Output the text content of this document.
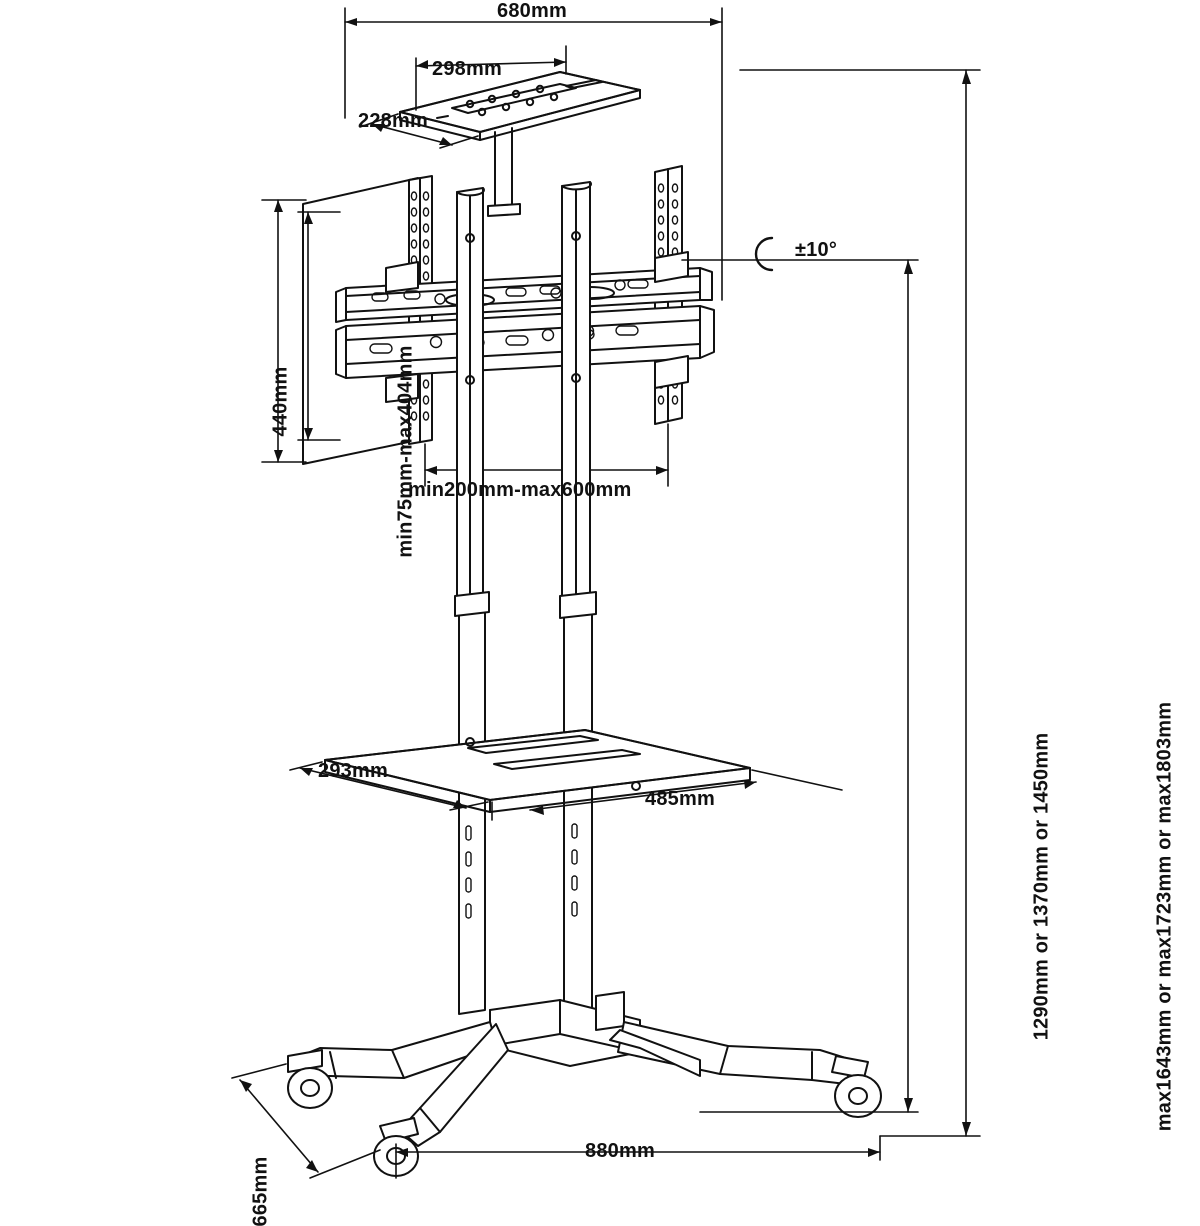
680mm
298mm
228mm
440mm	min75mm-max404mm
min200mm-max600mm
±10°
293mm
485mm	1290mm or 1370mm or 1450mm	max1643mm or max1723mm or max1803mm
665mm
880mm
